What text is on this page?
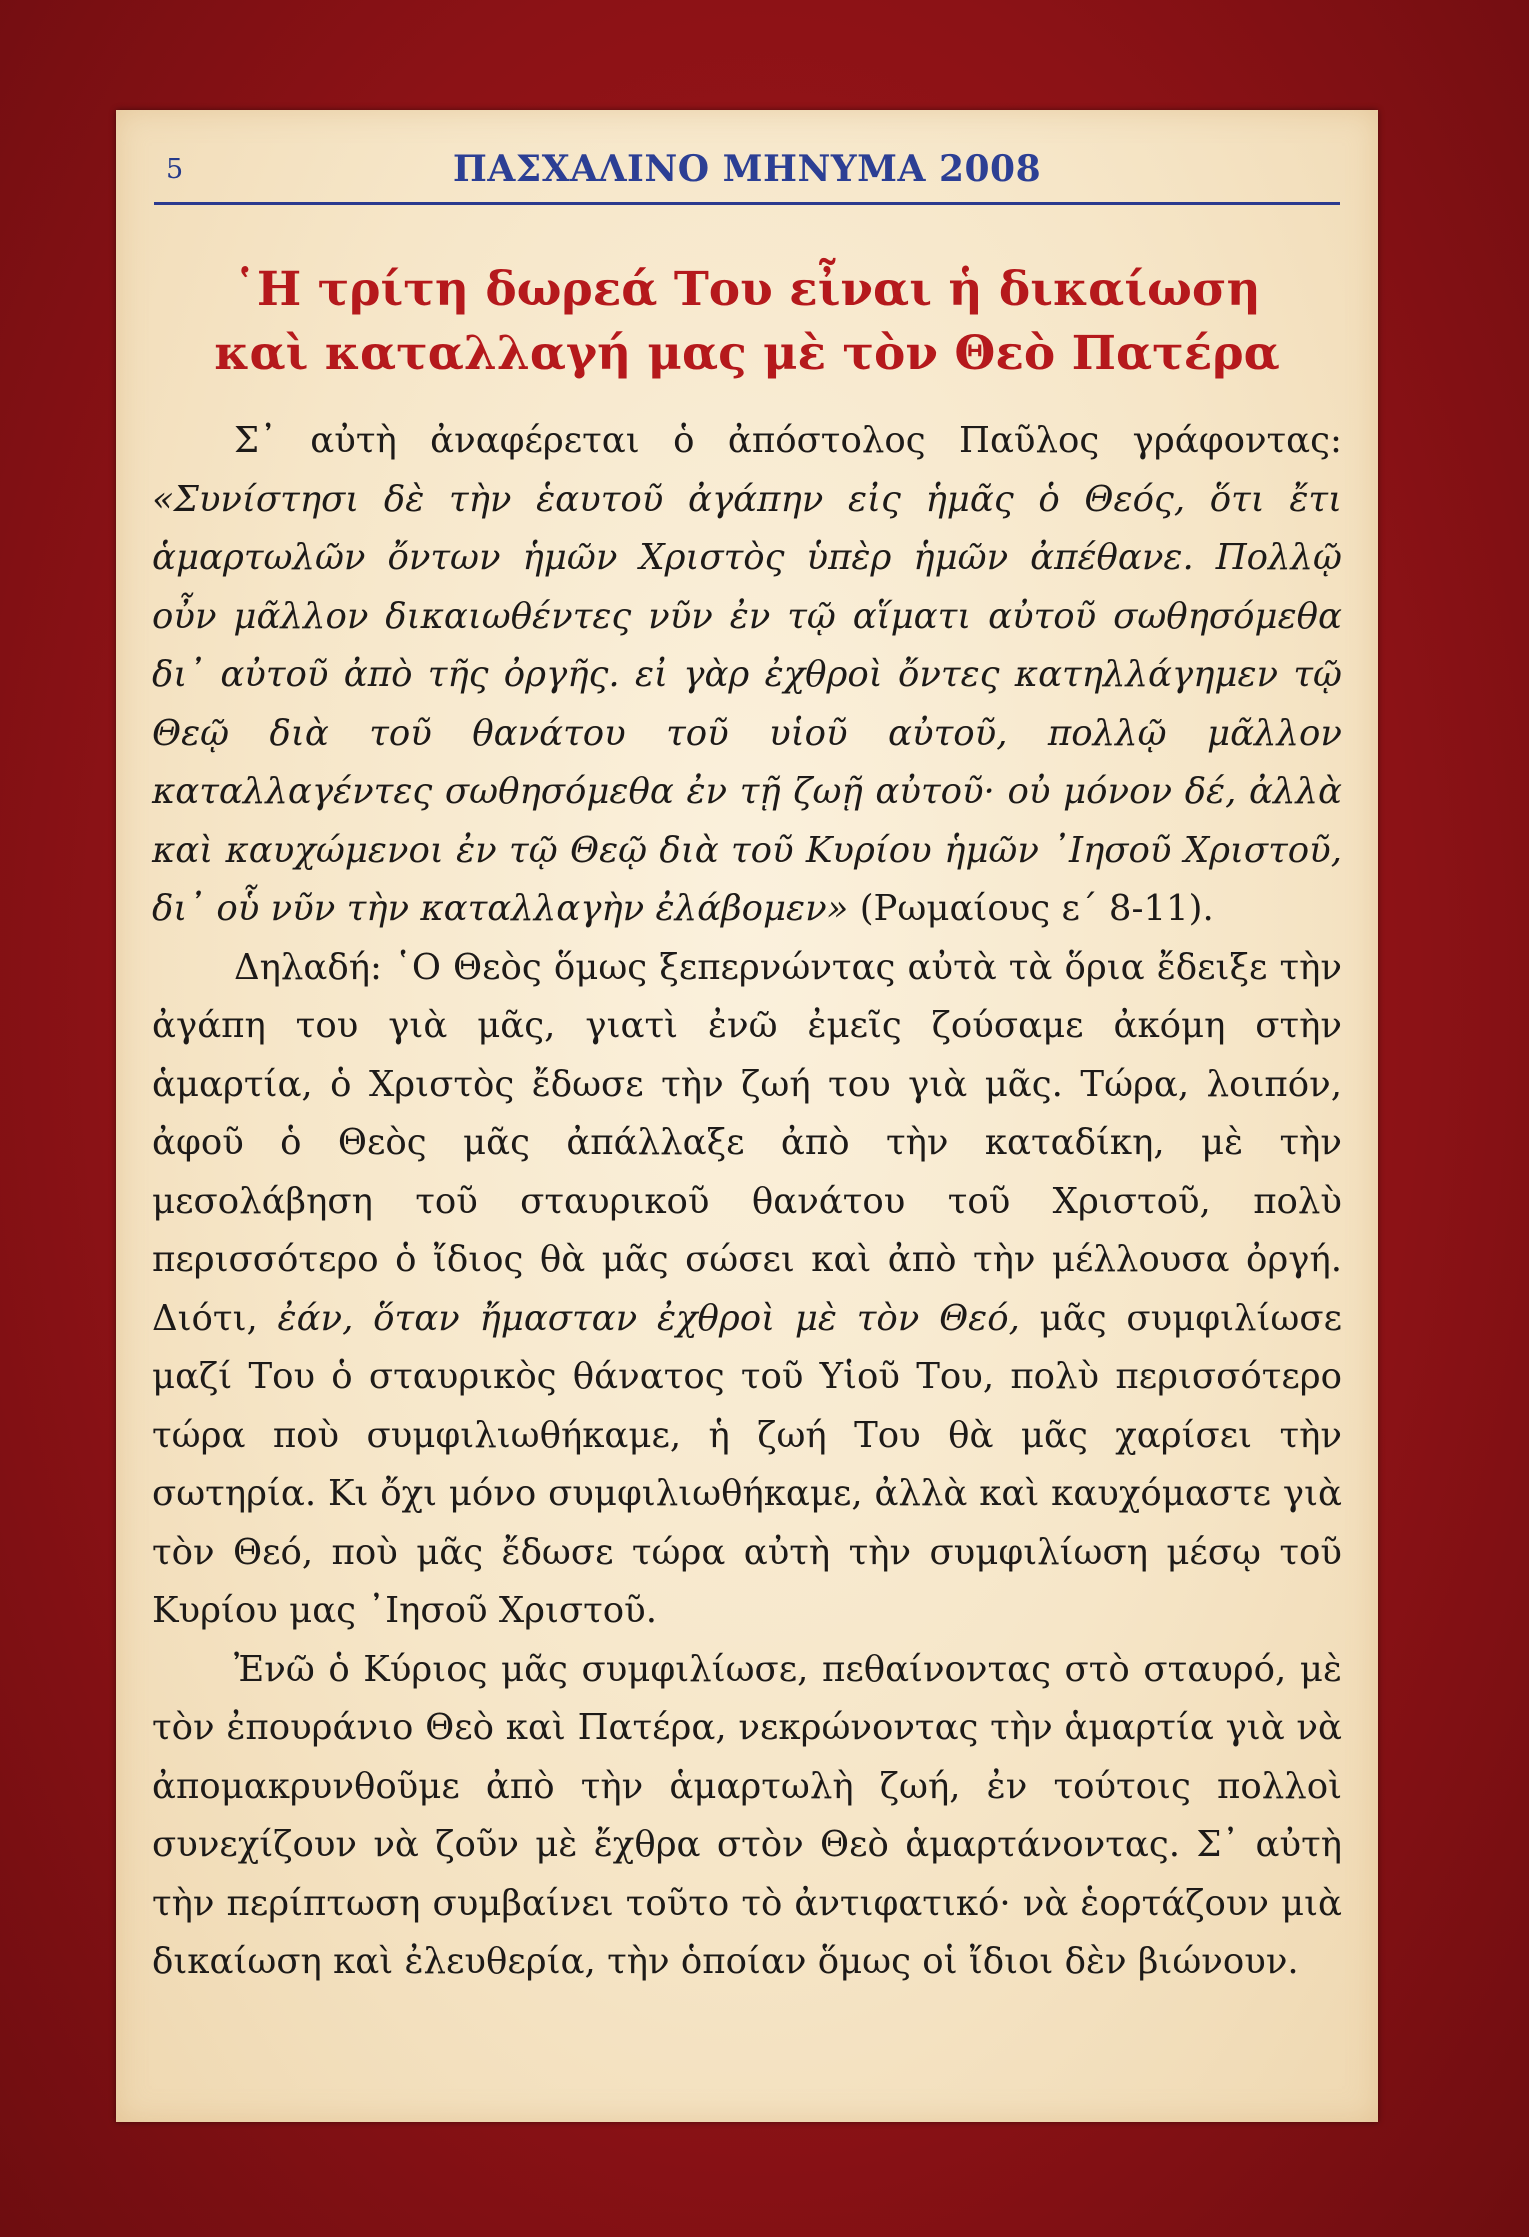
5	ΠΑΣΧΑΛΙΝΟ ΜΗΝΥΜΑ 2008
῾Η τρίτη δωρεά Του εἶναι ἡ δικαίωση
καὶ καταλλαγή μας μὲ τὸν Θεὸ Πατέρα

Σ᾿ αὐτὴ ἀναφέρεται ὁ ἀπόστολος Παῦλος γράφοντας: «Συνίστησι δὲ τὴν ἑαυτοῦ ἀγάπην εἰς ἡμᾶς ὁ Θεός, ὅτι ἔτι ἁμαρτωλῶν ὄντων ἡμῶν Χριστὸς ὑπὲρ ἡμῶν ἀπέθανε. Πολλῷ οὖν μᾶλλον δικαιωθέντες νῦν ἐν τῷ αἵματι αὐτοῦ σωθησόμεθα δι᾿ αὐτοῦ ἀπὸ τῆς ὀργῆς. εἰ γὰρ ἐχθροὶ ὄντες κατηλλάγημεν τῷ Θεῷ διὰ τοῦ θανάτου τοῦ υἱοῦ αὐτοῦ, πολλῷ μᾶλλον καταλλαγέντες σωθησόμεθα ἐν τῇ ζωῇ αὐτοῦ· οὐ μόνον δέ, ἀλλὰ καὶ καυχώμενοι ἐν τῷ Θεῷ διὰ τοῦ Κυρίου ἡμῶν ᾿Ιησοῦ Χριστοῦ, δι᾿ οὗ νῦν τὴν καταλλαγὴν ἐλάβομεν» (Ρωμαίους ε΄ 8-11).

Δηλαδή: ῾Ο Θεὸς ὅμως ξεπερνώντας αὐτὰ τὰ ὅρια ἔδειξε τὴν ἀγάπη του γιὰ μᾶς, γιατὶ ἐνῶ ἐμεῖς ζούσαμε ἀκόμη στὴν ἁμαρτία, ὁ Χριστὸς ἔδωσε τὴν ζωή του γιὰ μᾶς. Τώρα, λοιπόν, ἀφοῦ ὁ Θεὸς μᾶς ἀπάλλαξε ἀπὸ τὴν καταδίκη, μὲ τὴν μεσολάβηση τοῦ σταυρικοῦ θανάτου τοῦ Χριστοῦ, πολὺ περισσότερο ὁ ἴδιος θὰ μᾶς σώσει καὶ ἀπὸ τὴν μέλλουσα ὀργή. Διότι, ἐάν, ὅταν ἤμασταν ἐχθροὶ μὲ τὸν Θεό, μᾶς συμφιλίωσε μαζί Του ὁ σταυρικὸς θάνατος τοῦ Υἱοῦ Του, πολὺ περισσότερο τώρα ποὺ συμφιλιωθήκαμε, ἡ ζωή Του θὰ μᾶς χαρίσει τὴν σωτηρία. Κι ὄχι μόνο συμφιλιωθήκαμε, ἀλλὰ καὶ καυχόμαστε γιὰ τὸν Θεό, ποὺ μᾶς ἔδωσε τώρα αὐτὴ τὴν συμφιλίωση μέσῳ τοῦ Κυρίου μας ᾿Ιησοῦ Χριστοῦ.

Ἐνῶ ὁ Κύριος μᾶς συμφιλίωσε, πεθαίνοντας στὸ σταυρό, μὲ τὸν ἐπουράνιο Θεὸ καὶ Πατέρα, νεκρώνοντας τὴν ἁμαρτία γιὰ νὰ ἀπομακρυνθοῦμε ἀπὸ τὴν ἁμαρτωλὴ ζωή, ἐν τούτοις πολλοὶ συνεχίζουν νὰ ζοῦν μὲ ἔχθρα στὸν Θεὸ ἁμαρτάνοντας. Σ᾿ αὐτὴ τὴν περίπτωση συμβαίνει τοῦτο τὸ ἀντιφατικό· νὰ ἑορτάζουν μιὰ δικαίωση καὶ ἐλευθερία, τὴν ὁποίαν ὅμως οἱ ἴδιοι δὲν βιώνουν.
